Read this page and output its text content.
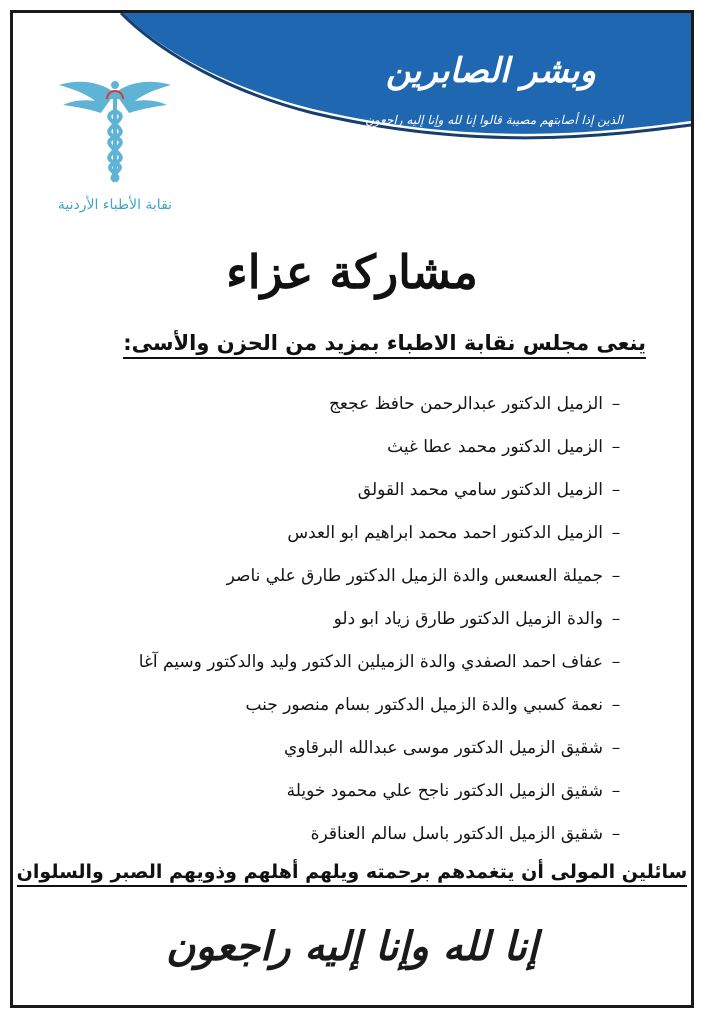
وبشر الصابرين
الذين إذا أصابتهم مصيبة قالوا إنا لله وإنا إليه راجعون
نقابة الأطباء الأردنية
مشاركة عزاء
ينعى مجلس نقابة الاطباء بمزيد من الحزن والأسى:
–الزميل الدكتور عبدالرحمن حافظ عجعج
–الزميل الدكتور محمد عطا غيث
–الزميل الدكتور سامي محمد القولق
–الزميل الدكتور احمد محمد ابراهيم ابو العدس
–جميلة العسعس والدة الزميل الدكتور طارق علي ناصر
–والدة الزميل الدكتور طارق زياد ابو دلو
–عفاف احمد الصفدي والدة الزميلين الدكتور وليد والدكتور وسيم آغا
–نعمة كسبي والدة الزميل الدكتور بسام منصور جنب
–شقيق الزميل الدكتور موسى عبدالله البرقاوي
–شقيق الزميل الدكتور ناجح علي محمود خويلة
–شقيق الزميل الدكتور باسل سالم العناقرة
سائلين المولى أن يتغمدهم برحمته ويلهم أهلهم وذويهم الصبر والسلوان
إنا لله وإنا إليه راجعون
